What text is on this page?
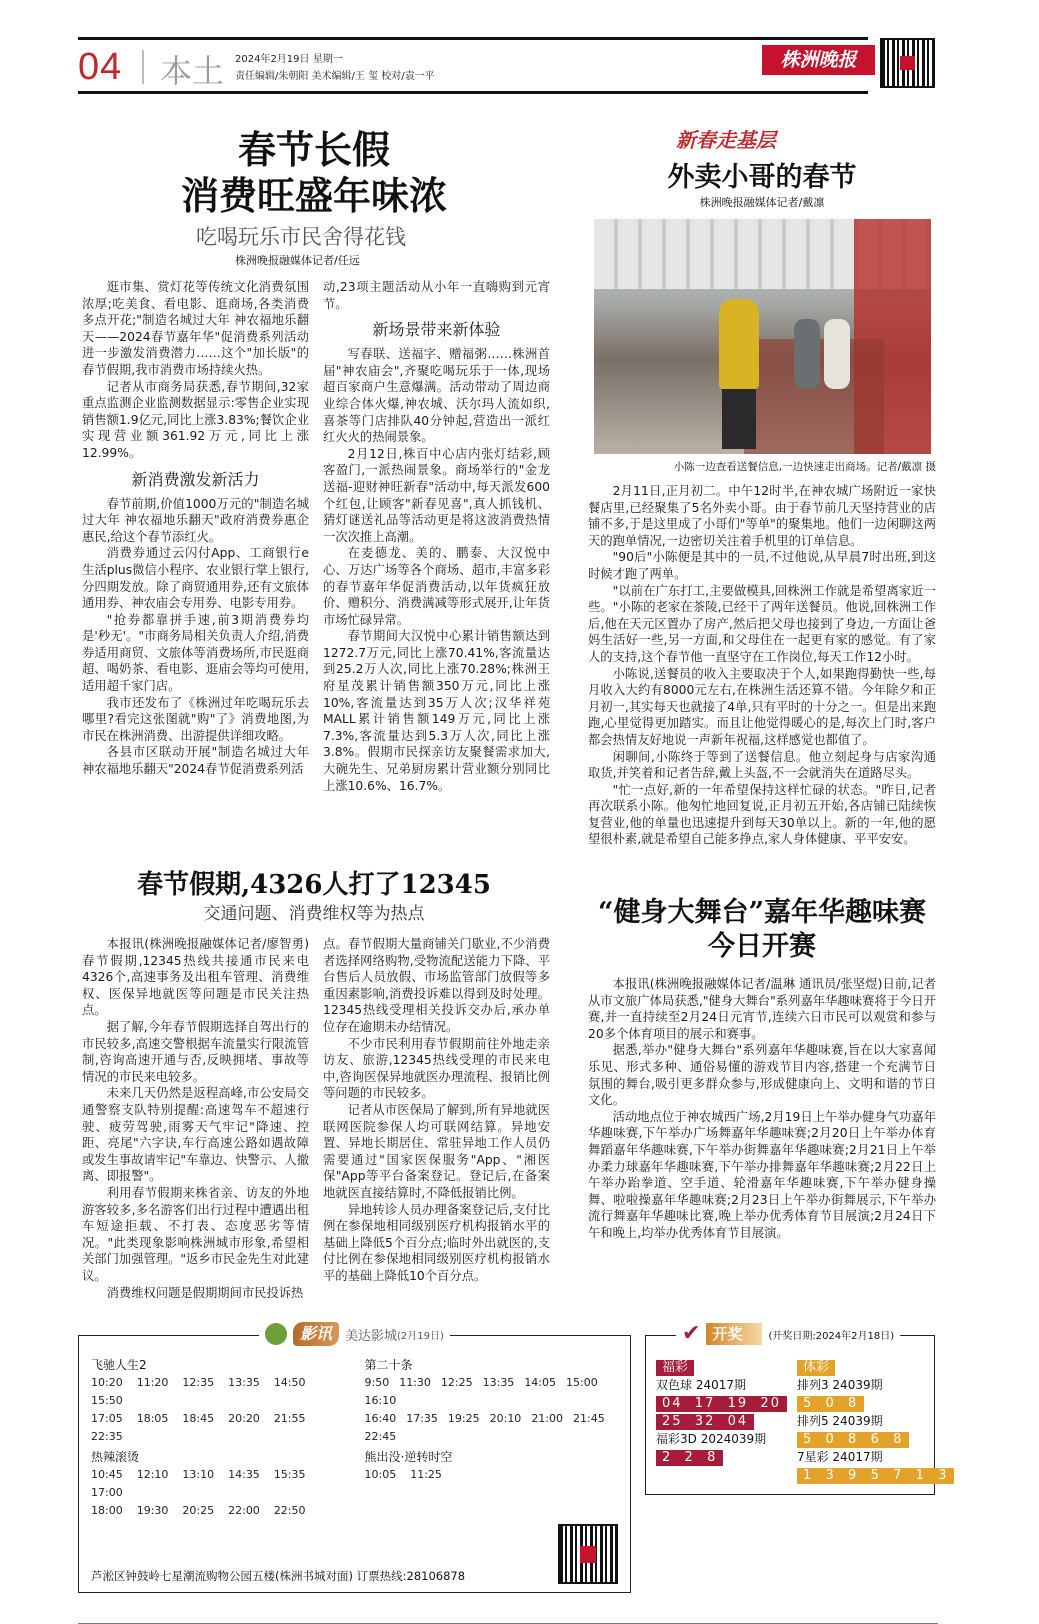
04 本土 2024年2月19日 星期一
责任编辑/朱朝阳 美术编辑/王 玺 校对/袁一平
株洲晚报
春节长假
消费旺盛年味浓
吃喝玩乐市民舍得花钱
株洲晚报融媒体记者/任远

逛市集、赏灯花等传统文化消费氛围浓厚;吃美食、看电影、逛商场,各类消费多点开花;"制造名城过大年 神农福地乐翻天——2024春节嘉年华"促消费系列活动进一步激发消费潜力……这个"加长版"的春节假期,我市消费市场持续火热。

记者从市商务局获悉,春节期间,32家重点监测企业监测数据显示:零售企业实现销售额1.9亿元,同比上涨3.83%;餐饮企业实现营业额361.92万元,同比上涨12.99%。

新消费激发新活力

春节前期,价值1000万元的"制造名城过大年 神农福地乐翻天"政府消费券惠企惠民,给这个春节添红火。

消费券通过云闪付App、工商银行e生活plus微信小程序、农业银行掌上银行,分四期发放。除了商贸通用券,还有文旅体通用券、神农庙会专用券、电影专用券。

"抢券都靠拼手速,前3期消费券均是'秒无'。"市商务局相关负责人介绍,消费券适用商贸、文旅体等消费场所,市民逛商超、喝奶茶、看电影、逛庙会等均可使用,适用超千家门店。

我市还发布了《株洲过年吃喝玩乐去哪里?看完这张图就"购"了》消费地图,为市民在株洲消费、出游提供详细攻略。

各县市区联动开展"制造名城过大年 神农福地乐翻天"2024春节促消费系列活

动,23项主题活动从小年一直嗨购到元宵节。

新场景带来新体验

写春联、送福字、赠福粥……株洲首届"神农庙会",齐聚吃喝玩乐于一体,现场超百家商户生意爆满。活动带动了周边商业综合体火爆,神农城、沃尔玛人流如织,喜茶等门店排队40分钟起,营造出一派红红火火的热闹景象。

2月12日,株百中心店内张灯结彩,顾客盈门,一派热闹景象。商场举行的"金龙送福-迎财神旺新春"活动中,每天派发600个红包,让顾客"新春见喜",真人抓钱机、猜灯谜送礼品等活动更是将这波消费热情一次次推上高潮。

在麦德龙、美的、鹏泰、大汉悦中心、万达广场等各个商场、超市,丰富多彩的春节嘉年华促消费活动,以年货疯狂放价、赠积分、消费满减等形式展开,让年货市场忙碌异常。

春节期间大汉悦中心累计销售额达到1272.7万元,同比上涨70.41%,客流量达到25.2万人次,同比上涨70.28%;株洲王府星茂累计销售额350万元,同比上涨10%,客流量达到35万人次;汉华祥苑MALL累计销售额149万元,同比上涨7.3%,客流量达到5.3万人次,同比上涨3.8%。假期市民探亲访友聚餐需求加大,大碗先生、兄弟厨房累计营业额分别同比上涨10.6%、16.7%。

新春走基层
外卖小哥的春节
株洲晚报融媒体记者/戴凛
小陈一边查看送餐信息,一边快速走出商场。记者/戴凛 摄

2月11日,正月初二。中午12时半,在神农城广场附近一家快餐店里,已经聚集了5名外卖小哥。由于春节前几天坚持营业的店铺不多,于是这里成了小哥们"等单"的聚集地。他们一边闲聊这两天的跑单情况,一边密切关注着手机里的订单信息。

"90后"小陈便是其中的一员,不过他说,从早晨7时出班,到这时候才跑了两单。

"以前在广东打工,主要做模具,回株洲工作就是希望离家近一些。"小陈的老家在茶陵,已经干了两年送餐员。他说,回株洲工作后,他在天元区置办了房产,然后把父母也接到了身边,一方面让爸妈生活好一些,另一方面,和父母住在一起更有家的感觉。有了家人的支持,这个春节他一直坚守在工作岗位,每天工作12小时。

小陈说,送餐员的收入主要取决于个人,如果跑得勤快一些,每月收入大约有8000元左右,在株洲生活还算不错。今年除夕和正月初一,其实每天也就接了4单,只有平时的十分之一。但是出来跑跑,心里觉得更加踏实。而且让他觉得暖心的是,每次上门时,客户都会热情友好地说一声新年祝福,这样感觉也都值了。

闲聊间,小陈终于等到了送餐信息。他立刻起身与店家沟通取货,并笑着和记者告辞,戴上头盔,不一会就消失在道路尽头。

"忙一点好,新的一年希望保持这样忙碌的状态。"昨日,记者再次联系小陈。他匆忙地回复说,正月初五开始,各店铺已陆续恢复营业,他的单量也迅速提升到每天30单以上。新的一年,他的愿望很朴素,就是希望自己能多挣点,家人身体健康、平平安安。

春节假期,4326人打了12345
交通问题、消费维权等为热点

本报讯(株洲晚报融媒体记者/廖智勇)春节假期,12345热线共接通市民来电4326个,高速事务及出租车管理、消费维权、医保异地就医等问题是市民关注热点。

据了解,今年春节假期选择自驾出行的市民较多,高速交警根据车流量实行限流管制,咨询高速开通与否,反映拥堵、事故等情况的市民来电较多。

未来几天仍然是返程高峰,市公安局交通警察支队特别提醒:高速驾车不超速行驶、疲劳驾驶,雨雾天气牢记"降速、控距、亮尾"六字诀,车行高速公路如遇故障或发生事故请牢记"车靠边、快警示、人撤离、即报警"。

利用春节假期来株省亲、访友的外地游客较多,多名游客们出行过程中遭遇出租车短途拒载、不打表、态度恶劣等情况。"此类现象影响株洲城市形象,希望相关部门加强管理。"返乡市民金先生对此建议。

消费维权问题是假期期间市民投诉热

点。春节假期大量商铺关门歇业,不少消费者选择网络购物,受物流配送能力下降、平台售后人员放假、市场监管部门放假等多重因素影响,消费投诉难以得到及时处理。12345热线受理相关投诉交办后,承办单位存在逾期未办结情况。

不少市民利用春节假期前往外地走亲访友、旅游,12345热线受理的市民来电中,咨询医保异地就医办理流程、报销比例等问题的市民较多。

记者从市医保局了解到,所有异地就医联网医院参保人均可联网结算。异地安置、异地长期居住、常驻异地工作人员仍需要通过"国家医保服务"App、"湘医保"App等平台备案登记。登记后,在备案地就医直接结算时,不降低报销比例。

异地转诊人员办理备案登记后,支付比例在参保地相同级别医疗机构报销水平的基础上降低5个百分点;临时外出就医的,支付比例在参保地相同级别医疗机构报销水平的基础上降低10个百分点。

“健身大舞台”嘉年华趣味赛
今日开赛

本报讯(株洲晚报融媒体记者/温琳 通讯员/张坚煜)日前,记者从市文旅广体局获悉,"健身大舞台"系列嘉年华趣味赛将于今日开赛,并一直持续至2月24日元宵节,连续六日市民可以观赏和参与20多个体育项目的展示和赛事。

据悉,举办"健身大舞台"系列嘉年华趣味赛,旨在以大家喜闻乐见、形式多种、通俗易懂的游戏节目内容,搭建一个充满节日氛围的舞台,吸引更多群众参与,形成健康向上、文明和谐的节日文化。

活动地点位于神农城西广场,2月19日上午举办健身气功嘉年华趣味赛,下午举办广场舞嘉年华趣味赛;2月20日上午举办体育舞蹈嘉年华趣味赛,下午举办街舞嘉年华趣味赛;2月21日上午举办柔力球嘉年华趣味赛,下午举办排舞嘉年华趣味赛;2月22日上午举办跆拳道、空手道、轮滑嘉年华趣味赛,下午举办健身操舞、啦啦操嘉年华趣味赛;2月23日上午举办街舞展示,下午举办流行舞嘉年华趣味比赛,晚上举办优秀体育节目展演;2月24日下午和晚上,均举办优秀体育节目展演。

影讯	美达影城 (2月19日)
飞驰人生2
10:20 11:20 12:35 13:35 14:50
15:50
17:05 18:05 18:45 20:20 21:55
22:35
第二十条
9:50 11:30 12:25 13:35 14:05 15:00
16:10
16:40 17:35 19:25 20:10 21:00 21:45
22:45
热辣滚烫
10:45 12:10 13:10 14:35 15:35
17:00
18:00 19:30 20:25 22:00 22:50
熊出没·逆转时空
10:05 11:25
芦淞区钟鼓岭七星潮流购物公园五楼(株洲书城对面) 订票热线:28106878
✔ 开奖	(开奖日期:2024年2月18日)
福彩
双色球 24017期
04  17  19  20
25  32  04
福彩3D 2024039期
2  2  8
体彩
排列3 24039期
5  0  8
排列5 24039期
5  0  8  6  8
7星彩 24017期
1  3  9  5  7  1  3
